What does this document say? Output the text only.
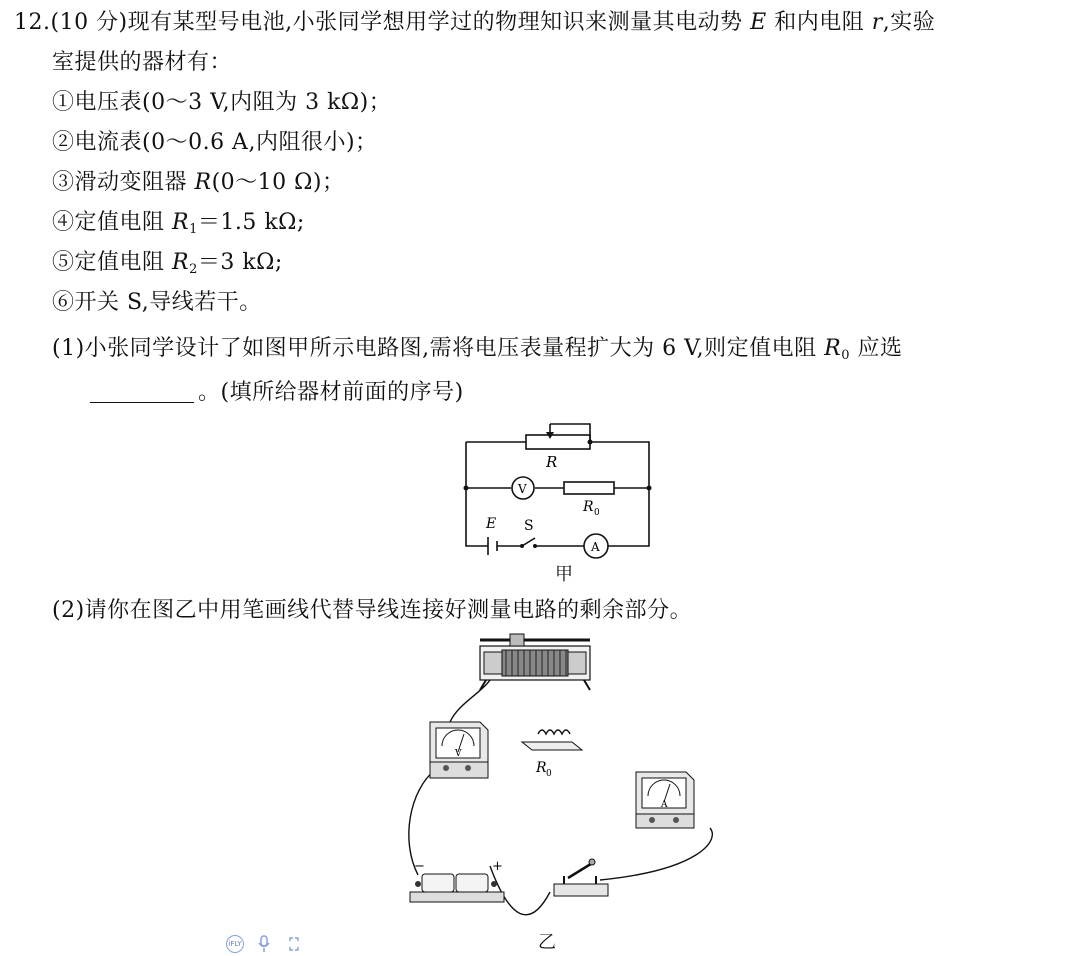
12.(10 分)现有某型号电池,小张同学想用学过的物理知识来测量其电动势 E 和内电阻 r,实验
室提供的器材有：
①电压表(0～3 V,内阻为 3 kΩ)；
②电流表(0～0.6 A,内阻很小)；
③滑动变阻器 R(0～10 Ω)；
④定值电阻 $R_1=1.5$ kΩ;
⑤定值电阻 $R_2=3$ kΩ;
⑥开关 S,导线若干。
(1)小张同学设计了如图甲所示电路图,需将电压表量程扩大为 6 V,则定值电阻 $R_0$ 应选
。(填所给器材前面的序号)
R
V
R 0
E S
A
甲
(2)请你在图乙中用笔画线代替导线连接好测量电路的剩余部分。
V
R 0
A
−	+
乙
iFLY
